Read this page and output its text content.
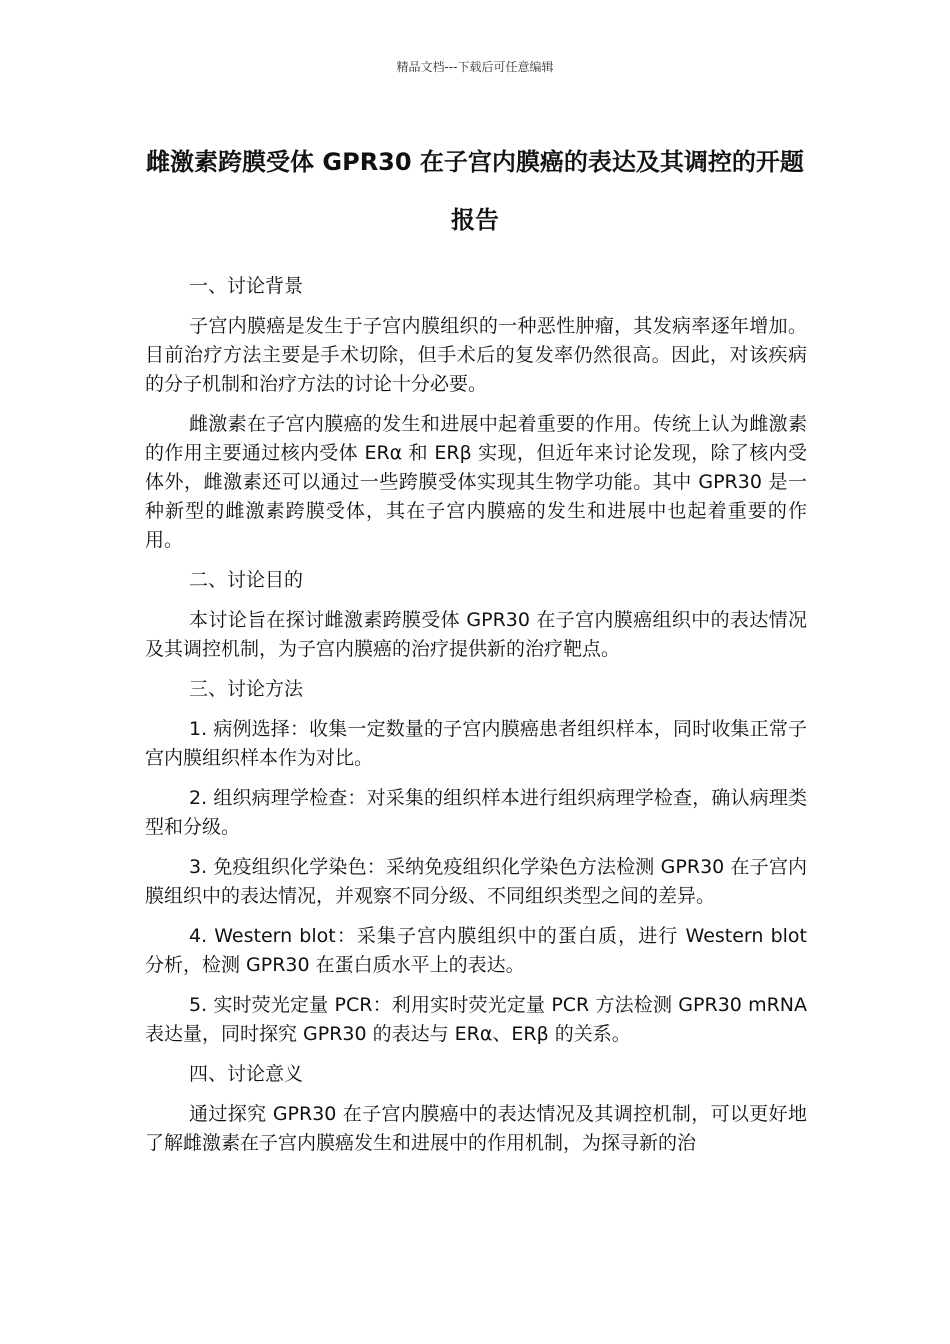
精品文档---下载后可任意编辑
雌激素跨膜受体 GPR30 在子宫内膜癌的表达及其调控的开题报告

一、讨论背景

子宫内膜癌是发生于子宫内膜组织的一种恶性肿瘤，其发病率逐年增加。目前治疗方法主要是手术切除，但手术后的复发率仍然很高。因此，对该疾病的分子机制和治疗方法的讨论十分必要。

雌激素在子宫内膜癌的发生和进展中起着重要的作用。传统上认为雌激素的作用主要通过核内受体 ERα 和 ERβ 实现，但近年来讨论发现，除了核内受体外，雌激素还可以通过一些跨膜受体实现其生物学功能。其中 GPR30 是一种新型的雌激素跨膜受体，其在子宫内膜癌的发生和进展中也起着重要的作用。

二、讨论目的

本讨论旨在探讨雌激素跨膜受体 GPR30 在子宫内膜癌组织中的表达情况及其调控机制，为子宫内膜癌的治疗提供新的治疗靶点。

三、讨论方法

1. 病例选择：收集一定数量的子宫内膜癌患者组织样本，同时收集正常子宫内膜组织样本作为对比。

2. 组织病理学检查：对采集的组织样本进行组织病理学检查，确认病理类型和分级。

3. 免疫组织化学染色：采纳免疫组织化学染色方法检测 GPR30 在子宫内膜组织中的表达情况，并观察不同分级、不同组织类型之间的差异。

4. Western blot：采集子宫内膜组织中的蛋白质，进行 Western blot 分析，检测 GPR30 在蛋白质水平上的表达。

5. 实时荧光定量 PCR：利用实时荧光定量 PCR 方法检测 GPR30 mRNA 表达量，同时探究 GPR30 的表达与 ERα、ERβ 的关系。

四、讨论意义

通过探究 GPR30 在子宫内膜癌中的表达情况及其调控机制，可以更好地了解雌激素在子宫内膜癌发生和进展中的作用机制，为探寻新的治
